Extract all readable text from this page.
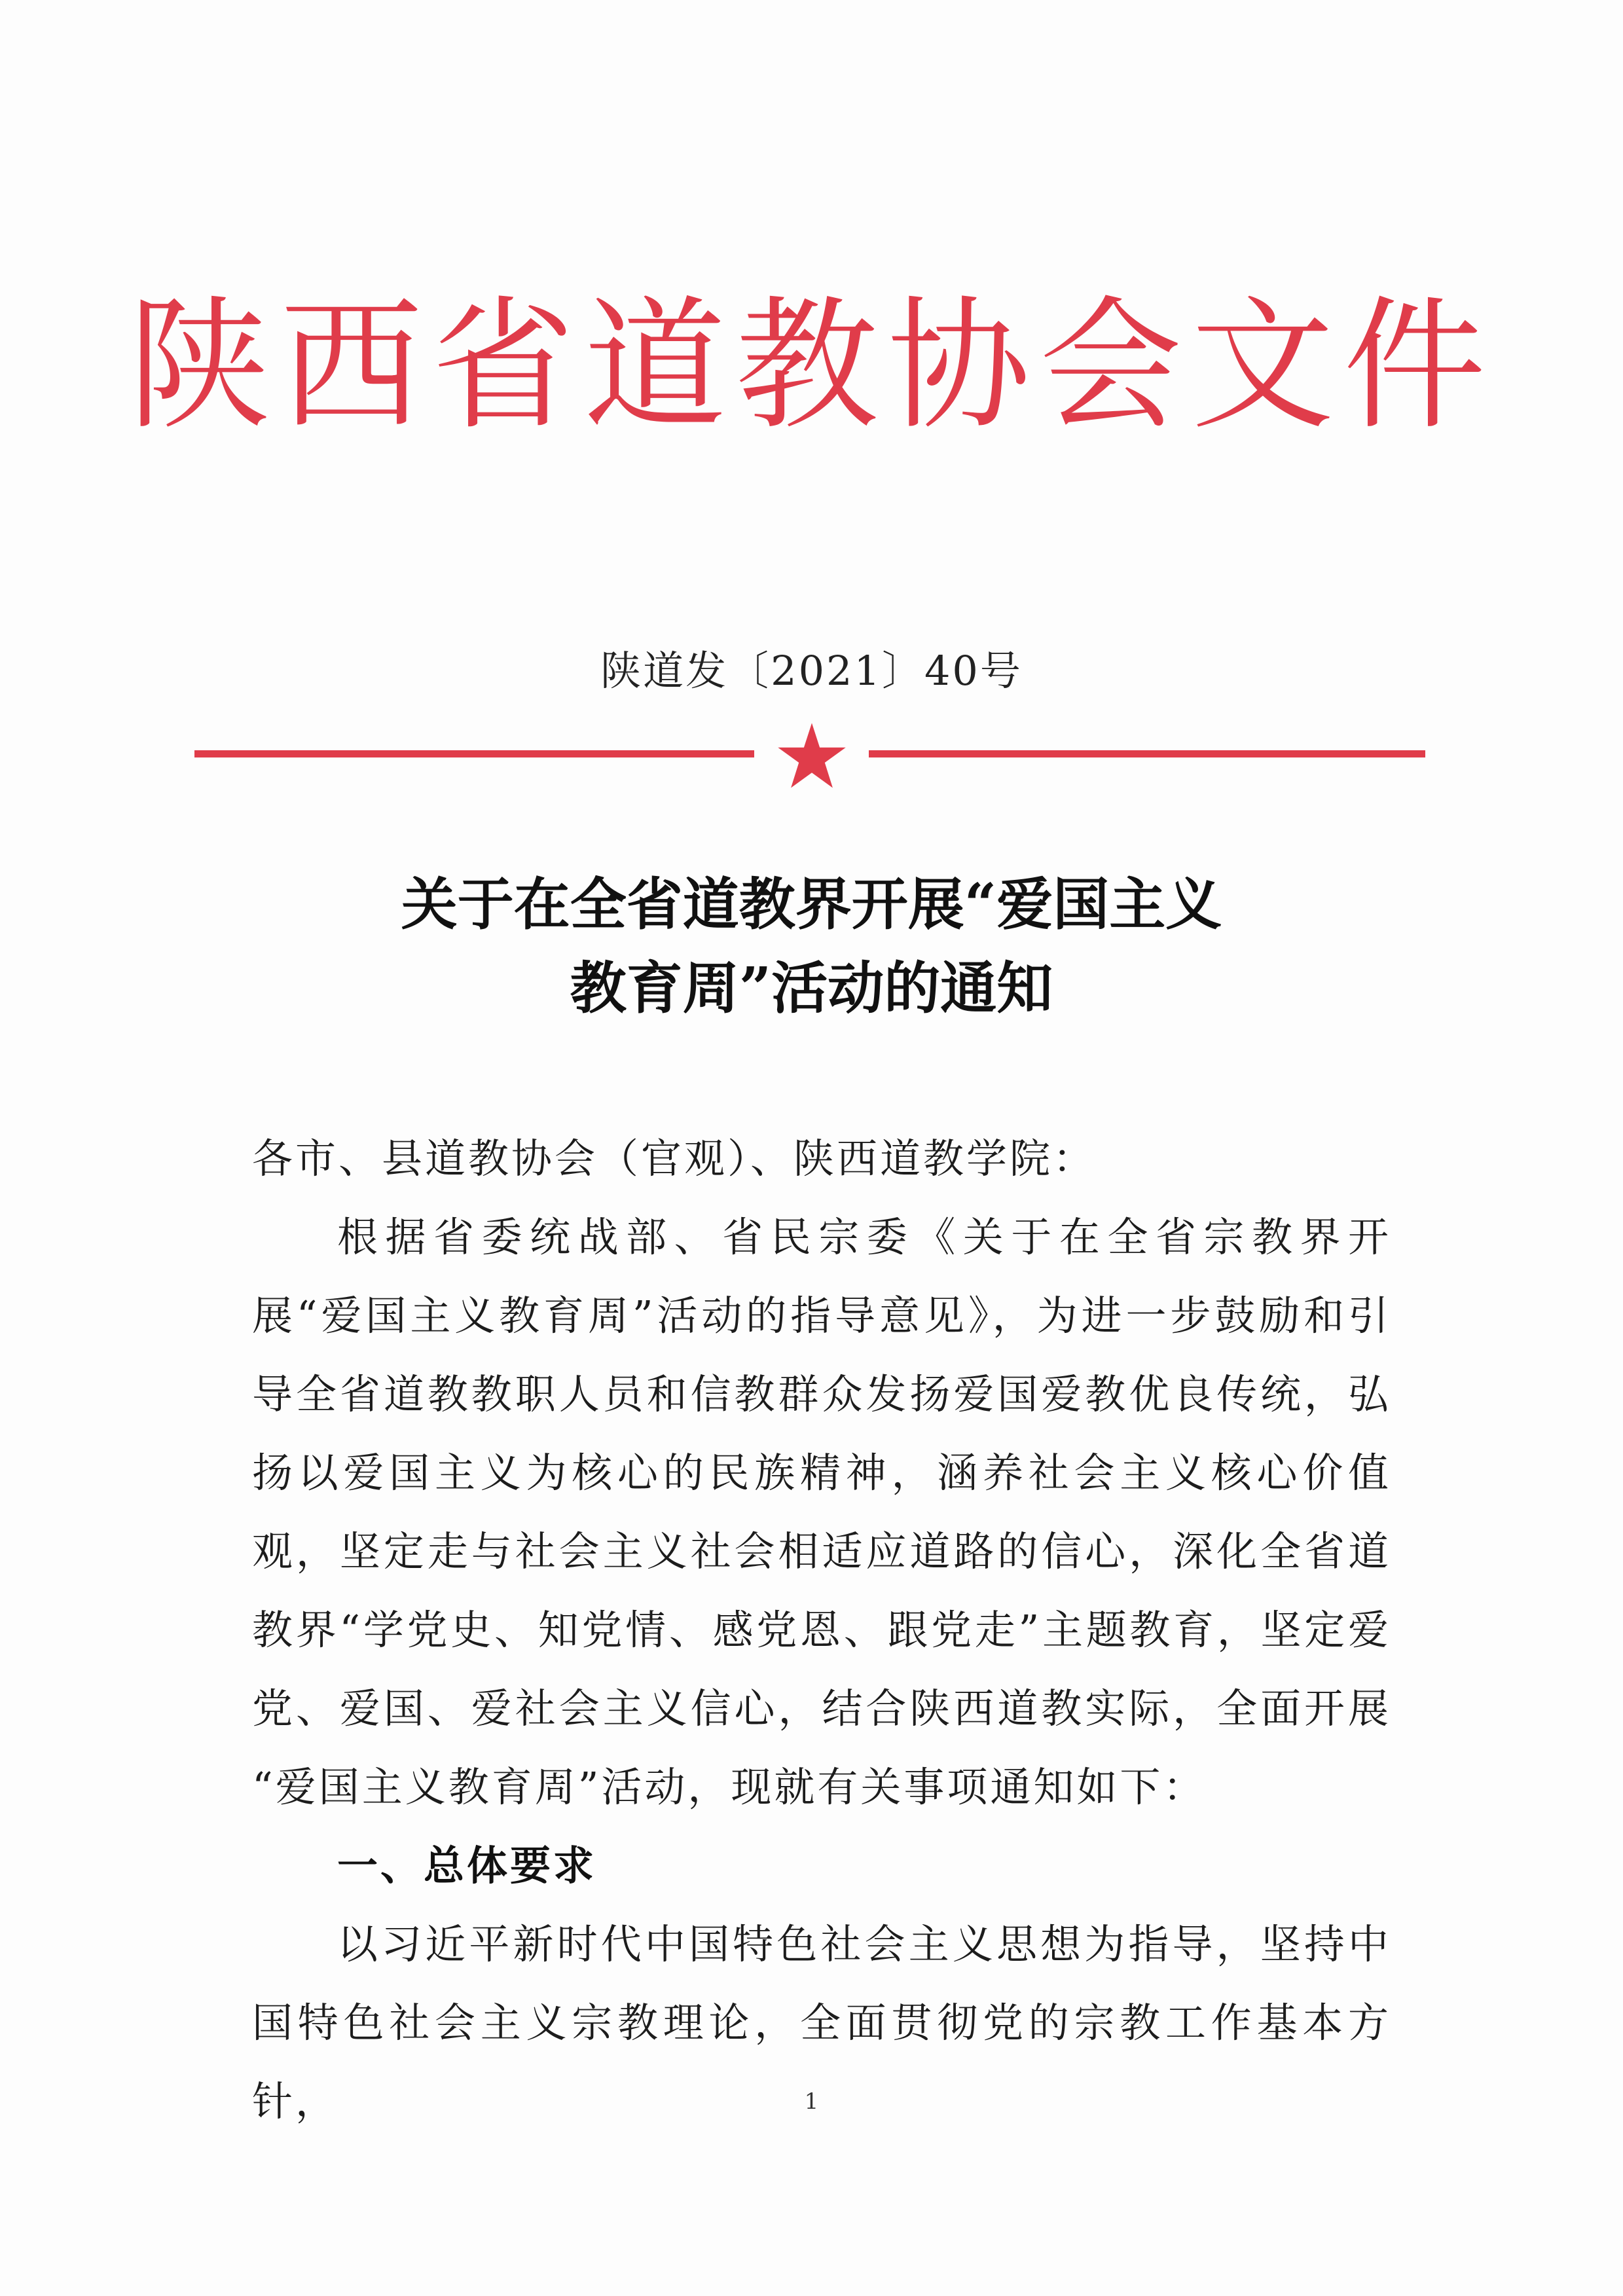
陕西省道教协会文件
陕道发〔2021〕40号
关于在全省道教界开展“爱国主义
教育周”活动的通知
各市、县道教协会（官观）、陕西道教学院：
根据省委统战部、省民宗委《关于在全省宗教界开展“爱国主义教育周”活动的指导意见》，为进一步鼓励和引导全省道教教职人员和信教群众发扬爱国爱教优良传统，弘扬以爱国主义为核心的民族精神，涵养社会主义核心价值观，坚定走与社会主义社会相适应道路的信心，深化全省道教界“学党史、知党情、感党恩、跟党走”主题教育，坚定爱党、爱国、爱社会主义信心，结合陕西道教实际，全面开展 “爱国主义教育周”活动，现就有关事项通知如下：
一、总体要求
以习近平新时代中国特色社会主义思想为指导，坚持中国特色社会主义宗教理论，全面贯彻党的宗教工作基本方针，	1
